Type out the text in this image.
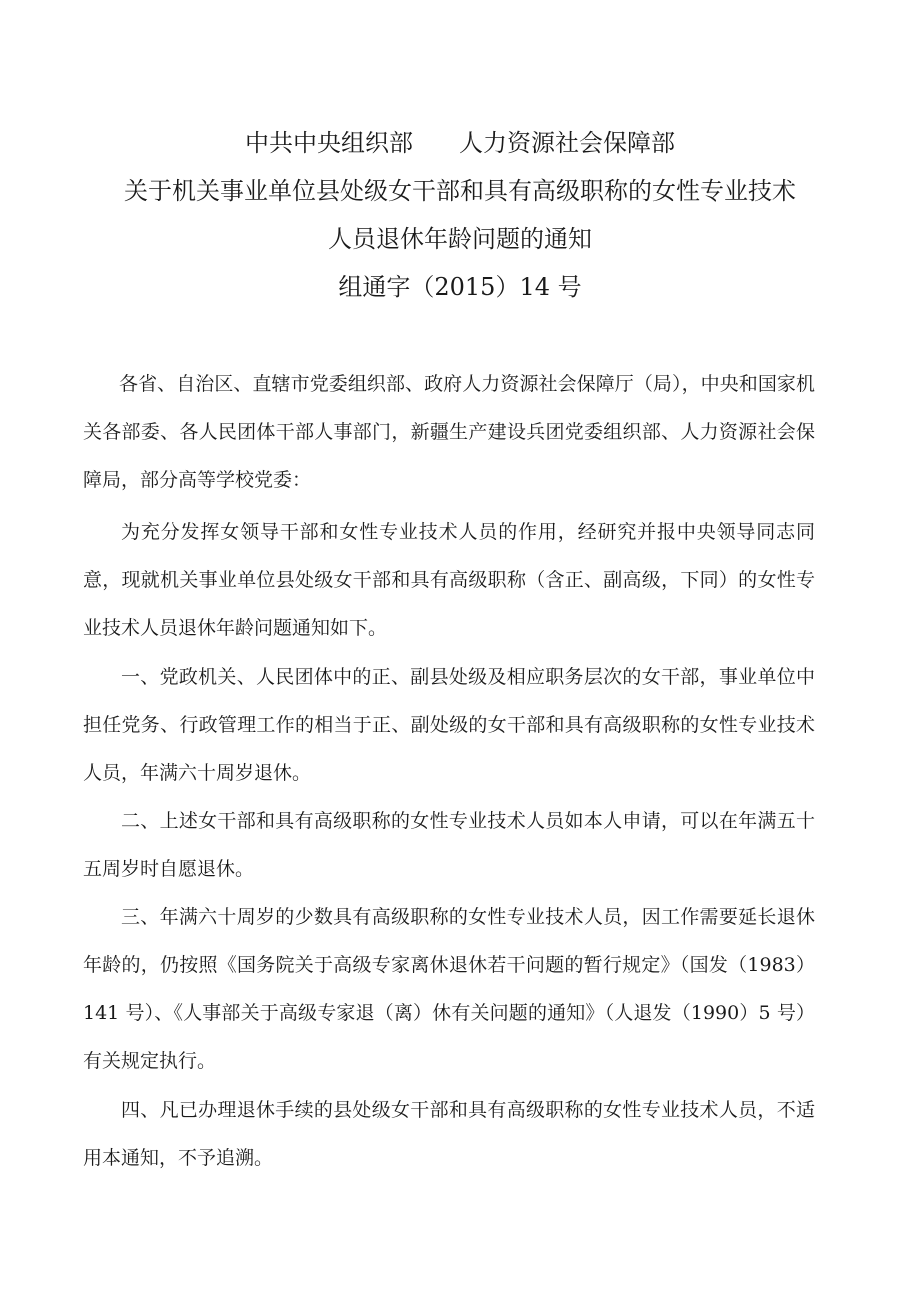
中共中央组织部 人力资源社会保障部
关于机关事业单位县处级女干部和具有高级职称的女性专业技术
人员退休年龄问题的通知
组通字（2015）14 号
各省、自治区、直辖市党委组织部、政府人力资源社会保障厅（局），中央和国家机关各部委、各人民团体干部人事部门，新疆生产建设兵团党委组织部、人力资源社会保障局，部分高等学校党委：
为充分发挥女领导干部和女性专业技术人员的作用，经研究并报中央领导同志同意，现就机关事业单位县处级女干部和具有高级职称（含正、副高级，下同）的女性专业技术人员退休年龄问题通知如下。
一、党政机关、人民团体中的正、副县处级及相应职务层次的女干部，事业单位中担任党务、行政管理工作的相当于正、副处级的女干部和具有高级职称的女性专业技术人员，年满六十周岁退休。
二、上述女干部和具有高级职称的女性专业技术人员如本人申请，可以在年满五十五周岁时自愿退休。
三、年满六十周岁的少数具有高级职称的女性专业技术人员，因工作需要延长退休年龄的，仍按照《国务院关于高级专家离休退休若干问题的暂行规定》（国发（1983）141 号）、《人事部关于高级专家退（离）休有关问题的通知》（人退发（1990）5 号）有关规定执行。
四、凡已办理退休手续的县处级女干部和具有高级职称的女性专业技术人员，不适用本通知，不予追溯。
